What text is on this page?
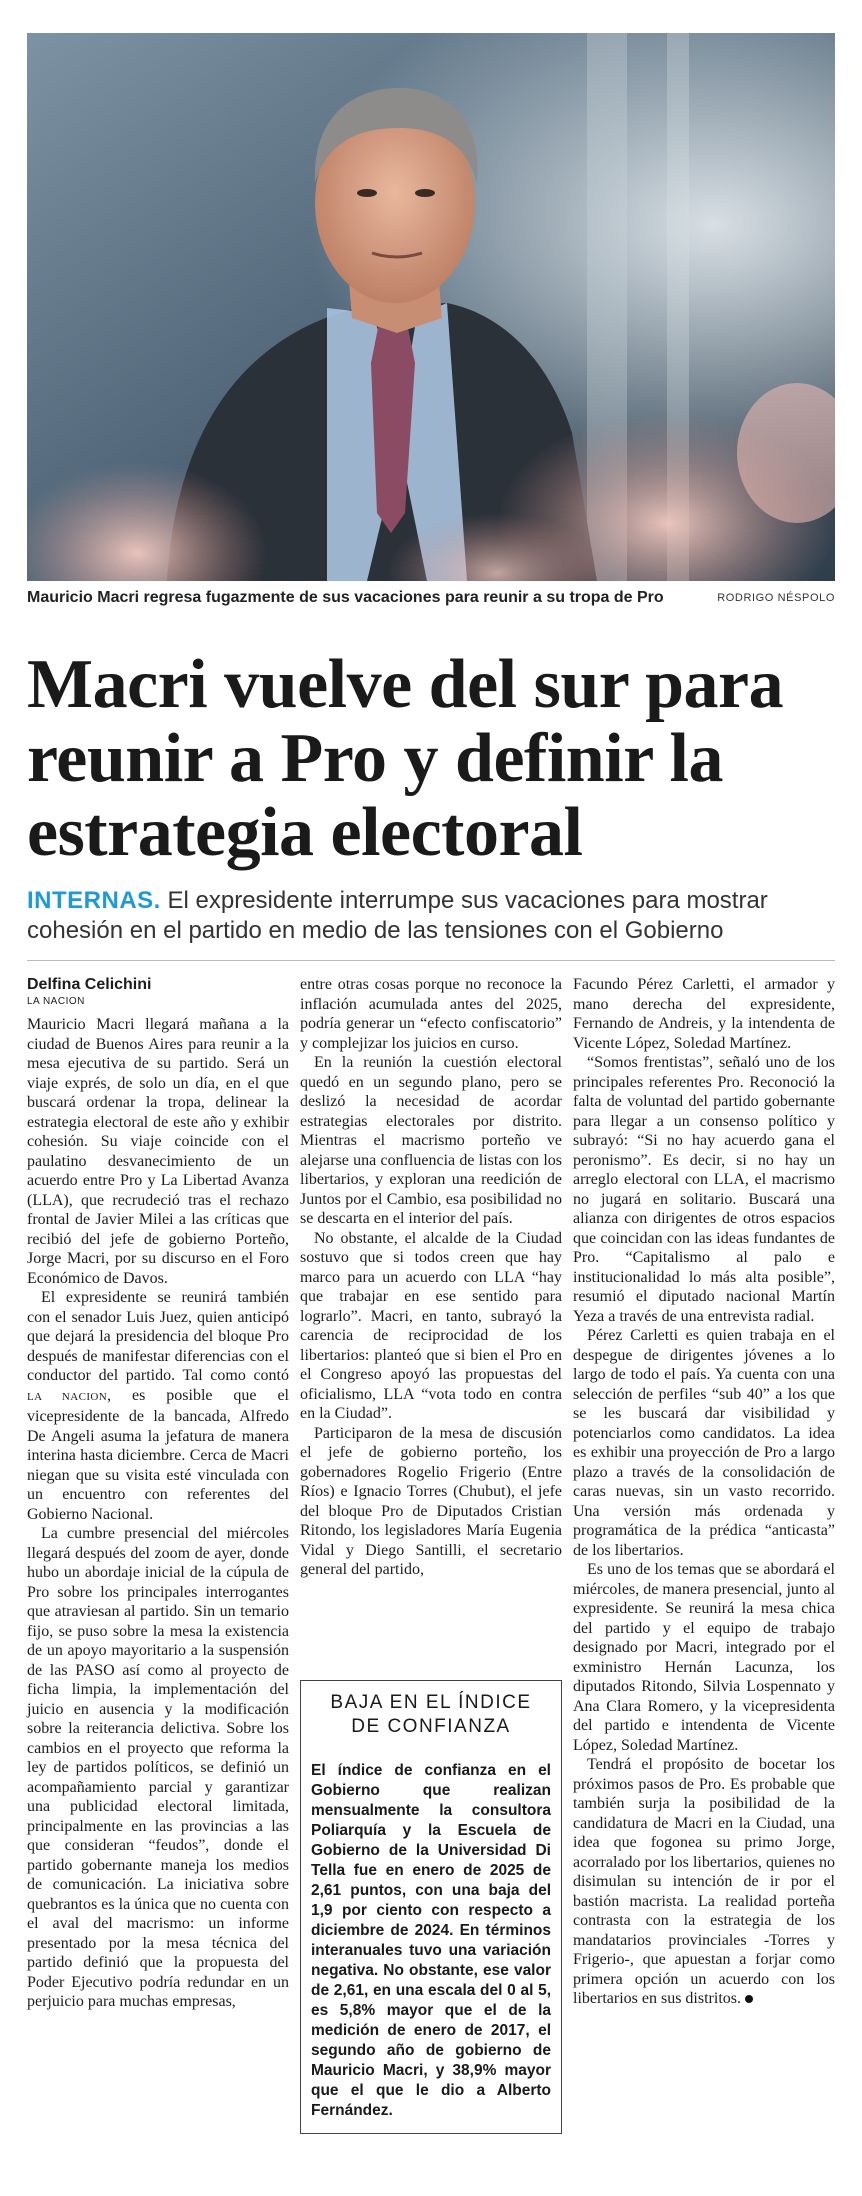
Mauricio Macri regresa fugazmente de sus vacaciones para reunir a su tropa de Pro	RODRIGO NÉSPOLO
Macri vuelve del sur para
reunir a Pro y definir la
estrategia electoral
INTERNAS. El expresidente interrumpe sus vacaciones para mostrar cohesión en el partido en medio de las tensiones con el Gobierno
Delfina Celichini
LA NACION

Mauricio Macri llegará mañana a la ciudad de Buenos Aires para reunir a la mesa ejecutiva de su partido. Será un viaje exprés, de solo un día, en el que buscará ordenar la tropa, delinear la estrategia electoral de este año y exhibir cohesión. Su viaje coincide con el paulatino desvanecimiento de un acuerdo entre Pro y La Libertad Avanza (LLA), que recrudeció tras el rechazo frontal de Javier Milei a las críticas que recibió del jefe de gobierno Porteño, Jorge Macri, por su discurso en el Foro Económico de Davos.

El expresidente se reunirá también con el senador Luis Juez, quien anticipó que dejará la presidencia del bloque Pro después de manifestar diferencias con el conductor del partido. Tal como contó LA NACION, es posible que el vicepresidente de la bancada, Alfredo De Angeli asuma la jefatura de manera interina hasta diciembre. Cerca de Macri niegan que su visita esté vinculada con un encuentro con referentes del Gobierno Nacional.

La cumbre presencial del miércoles llegará después del zoom de ayer, donde hubo un abordaje inicial de la cúpula de Pro sobre los principales interrogantes que atraviesan al partido. Sin un temario fijo, se puso sobre la mesa la existencia de un apoyo mayoritario a la suspensión de las PASO así como al proyecto de ficha limpia, la implementación del juicio en ausencia y la modificación sobre la reiterancia delictiva. Sobre los cambios en el proyecto que reforma la ley de partidos políticos, se definió un acompañamiento parcial y garantizar una publicidad electoral limitada, principalmente en las provincias a las que consideran “feudos”, donde el partido gobernante maneja los medios de comunicación. La iniciativa sobre quebrantos es la única que no cuenta con el aval del macrismo: un informe presentado por la mesa técnica del partido definió que la propuesta del Poder Ejecutivo podría redundar en un perjuicio para muchas empresas,

entre otras cosas porque no reconoce la inflación acumulada antes del 2025, podría generar un “efecto confiscatorio” y complejizar los juicios en curso.

En la reunión la cuestión electoral quedó en un segundo plano, pero se deslizó la necesidad de acordar estrategias electorales por distrito. Mientras el macrismo porteño ve alejarse una confluencia de listas con los libertarios, y exploran una reedición de Juntos por el Cambio, esa posibilidad no se descarta en el interior del país.

No obstante, el alcalde de la Ciudad sostuvo que si todos creen que hay marco para un acuerdo con LLA “hay que trabajar en ese sentido para lograrlo”. Macri, en tanto, subrayó la carencia de reciprocidad de los libertarios: planteó que si bien el Pro en el Congreso apoyó las propuestas del oficialismo, LLA “vota todo en contra en la Ciudad”.

Participaron de la mesa de discusión el jefe de gobierno porteño, los gobernadores Rogelio Frigerio (Entre Ríos) e Ignacio Torres (Chubut), el jefe del bloque Pro de Diputados Cristian Ritondo, los legisladores María Eugenia Vidal y Diego Santilli, el secretario general del partido,

BAJA EN EL ÍNDICE
DE CONFIANZA
El índice de confianza en el Gobierno que realizan mensualmente la consultora Poliarquía y la Escuela de Gobierno de la Universidad Di Tella fue en enero de 2025 de 2,61 puntos, con una baja del 1,9 por ciento con respecto a diciembre de 2024. En términos interanuales tuvo una variación negativa. No obstante, ese valor de 2,61, en una escala del 0 al 5, es 5,8% mayor que el de la medición de enero de 2017, el segundo año de gobierno de Mauricio Macri, y 38,9% mayor que el que le dio a Alberto Fernández.

Facundo Pérez Carletti, el armador y mano derecha del expresidente, Fernando de Andreis, y la intendenta de Vicente López, Soledad Martínez.

“Somos frentistas”, señaló uno de los principales referentes Pro. Reconoció la falta de voluntad del partido gobernante para llegar a un consenso político y subrayó: “Si no hay acuerdo gana el peronismo”. Es decir, si no hay un arreglo electoral con LLA, el macrismo no jugará en solitario. Buscará una alianza con dirigentes de otros espacios que coincidan con las ideas fundantes de Pro. “Capitalismo al palo e institucionalidad lo más alta posible”, resumió el diputado nacional Martín Yeza a través de una entrevista radial.

Pérez Carletti es quien trabaja en el despegue de dirigentes jóvenes a lo largo de todo el país. Ya cuenta con una selección de perfiles “sub 40” a los que se les buscará dar visibilidad y potenciarlos como candidatos. La idea es exhibir una proyección de Pro a largo plazo a través de la consolidación de caras nuevas, sin un vasto recorrido. Una versión más ordenada y programática de la prédica “anticasta” de los libertarios.

Es uno de los temas que se abordará el miércoles, de manera presencial, junto al expresidente. Se reunirá la mesa chica del partido y el equipo de trabajo designado por Macri, integrado por el exministro Hernán Lacunza, los diputados Ritondo, Silvia Lospennato y Ana Clara Romero, y la vicepresidenta del partido e intendenta de Vicente López, Soledad Martínez.

Tendrá el propósito de bocetar los próximos pasos de Pro. Es probable que también surja la posibilidad de la candidatura de Macri en la Ciudad, una idea que fogonea su primo Jorge, acorralado por los libertarios, quienes no disimulan su intención de ir por el bastión macrista. La realidad porteña contrasta con la estrategia de los mandatarios provinciales -Torres y Frigerio-, que apuestan a forjar como primera opción un acuerdo con los libertarios en sus distritos.
